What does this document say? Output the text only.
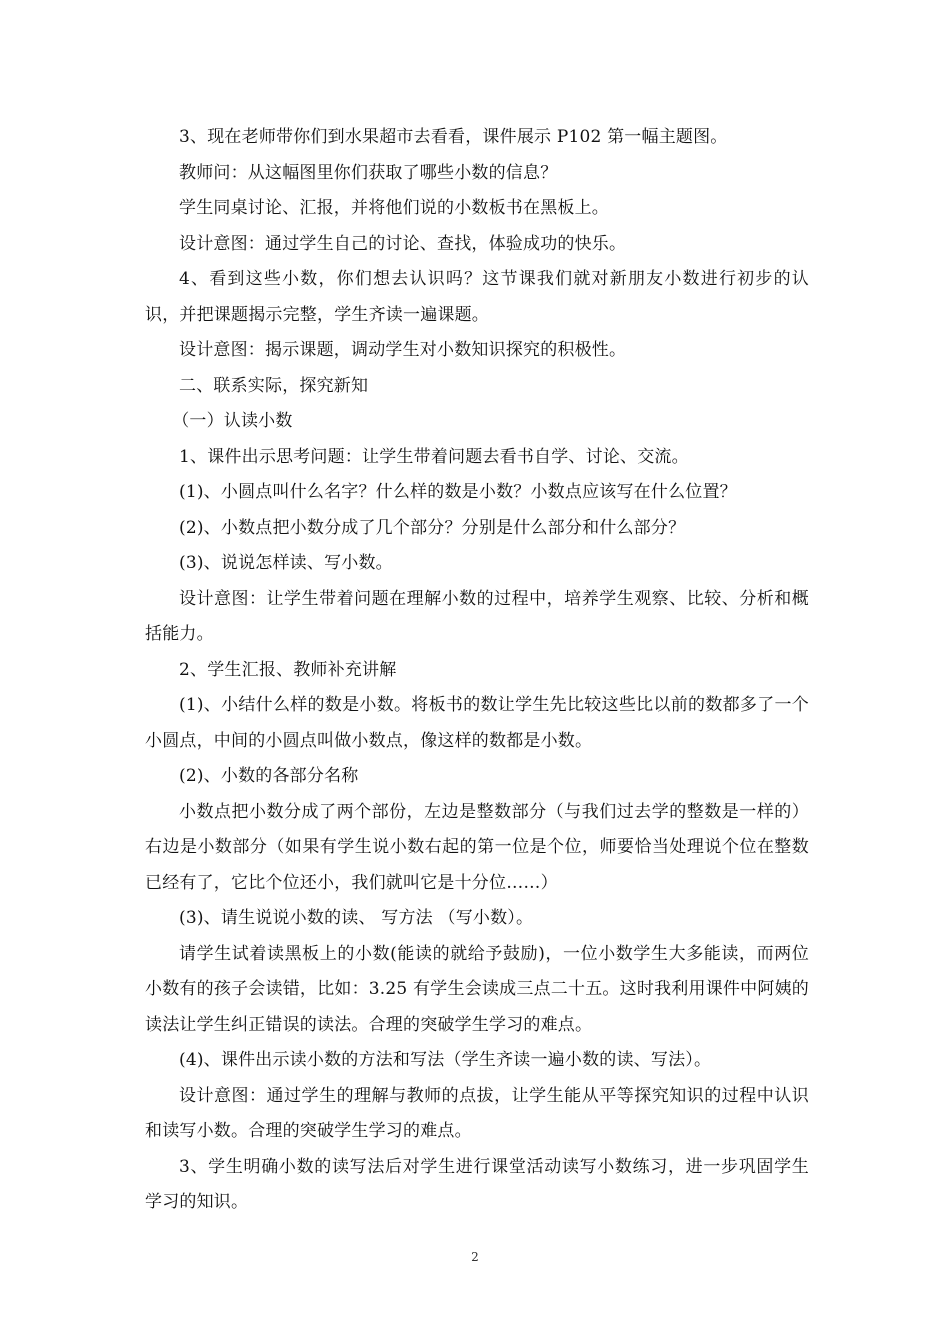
3、现在老师带你们到水果超市去看看，课件展示 P102 第一幅主题图。

教师问：从这幅图里你们获取了哪些小数的信息？

学生同桌讨论、汇报，并将他们说的小数板书在黑板上。

设计意图：通过学生自己的讨论、查找，体验成功的快乐。

4、看到这些小数，你们想去认识吗？这节课我们就对新朋友小数进行初步的认识，并把课题揭示完整，学生齐读一遍课题。

设计意图：揭示课题，调动学生对小数知识探究的积极性。

二、联系实际，探究新知

（一）认读小数

1、课件出示思考问题：让学生带着问题去看书自学、讨论、交流。

(1)、小圆点叫什么名字？什么样的数是小数？小数点应该写在什么位置？

(2)、小数点把小数分成了几个部分？分别是什么部分和什么部分？

(3)、说说怎样读、写小数。

设计意图：让学生带着问题在理解小数的过程中，培养学生观察、比较、分析和概括能力。

2、学生汇报、教师补充讲解

(1)、小结什么样的数是小数。将板书的数让学生先比较这些比以前的数都多了一个小圆点，中间的小圆点叫做小数点，像这样的数都是小数。

(2)、小数的各部分名称

小数点把小数分成了两个部份，左边是整数部分（与我们过去学的整数是一样的）右边是小数部分（如果有学生说小数右起的第一位是个位，师要恰当处理说个位在整数已经有了，它比个位还小，我们就叫它是十分位……）

(3)、请生说说小数的读、 写方法 （写小数）。

请学生试着读黑板上的小数(能读的就给予鼓励)，一位小数学生大多能读，而两位小数有的孩子会读错，比如：3.25 有学生会读成三点二十五。这时我利用课件中阿姨的读法让学生纠正错误的读法。合理的突破学生学习的难点。

(4)、课件出示读小数的方法和写法（学生齐读一遍小数的读、写法）。

设计意图：通过学生的理解与教师的点拔，让学生能从平等探究知识的过程中认识和读写小数。合理的突破学生学习的难点。

3、学生明确小数的读写法后对学生进行课堂活动读写小数练习，进一步巩固学生学习的知识。

2
